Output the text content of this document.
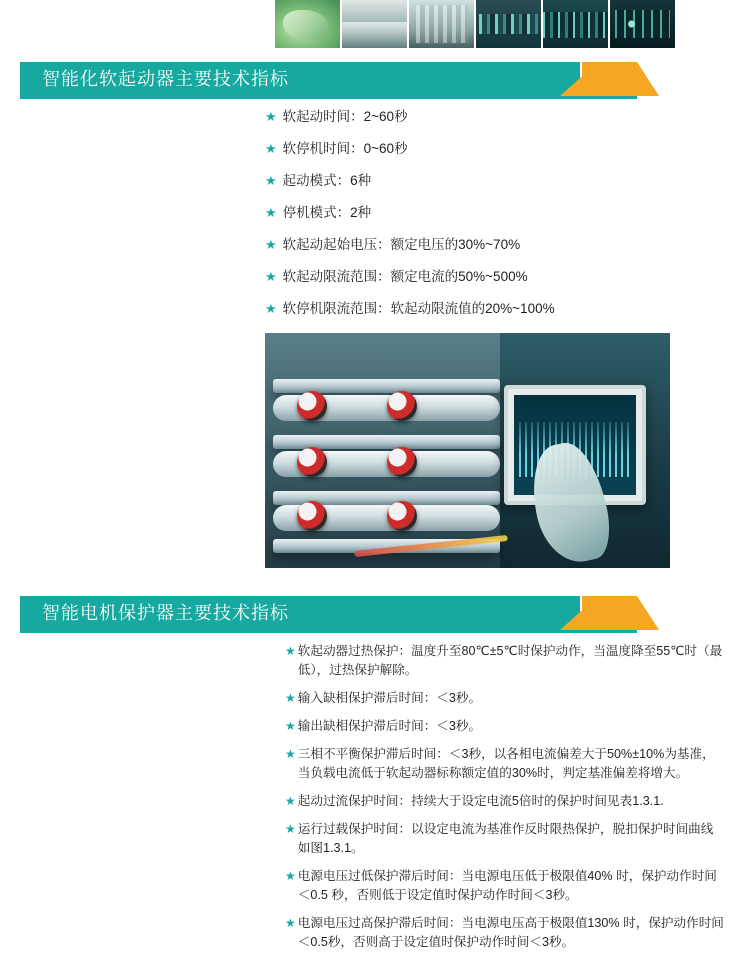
智能化软起动器主要技术指标
★ 软起动时间：2~60秒
★ 软停机时间：0~60秒
★ 起动模式：6种
★ 停机模式：2种
★ 软起动起始电压：额定电压的30%~70%
★ 软起动限流范围：额定电流的50%~500%
★ 软停机限流范围：软起动限流值的20%~100%
智能电机保护器主要技术指标
★ 软起动器过热保护：温度升至80℃±5℃时保护动作，当温度降至55℃时（最低），过热保护解除。
★ 输入缺相保护滞后时间：＜3秒。
★ 输出缺相保护滞后时间：＜3秒。
★ 三相不平衡保护滞后时间：＜3秒，以各相电流偏差大于50%±10%为基准，当负载电流低于软起动器标称额定值的30%时，判定基准偏差将增大。
★ 起动过流保护时间：持续大于设定电流5倍时的保护时间见表1.3.1.
★ 运行过载保护时间：以设定电流为基准作反时限热保护，脱扣保护时间曲线如图1.3.1。
★ 电源电压过低保护滞后时间：当电源电压低于极限值40% 时，保护动作时间＜0.5 秒，否则低于设定值时保护动作时间＜3秒。
★ 电源电压过高保护滞后时间：当电源电压高于极限值130% 时，保护动作时间＜0.5秒，否则高于设定值时保护动作时间＜3秒。
